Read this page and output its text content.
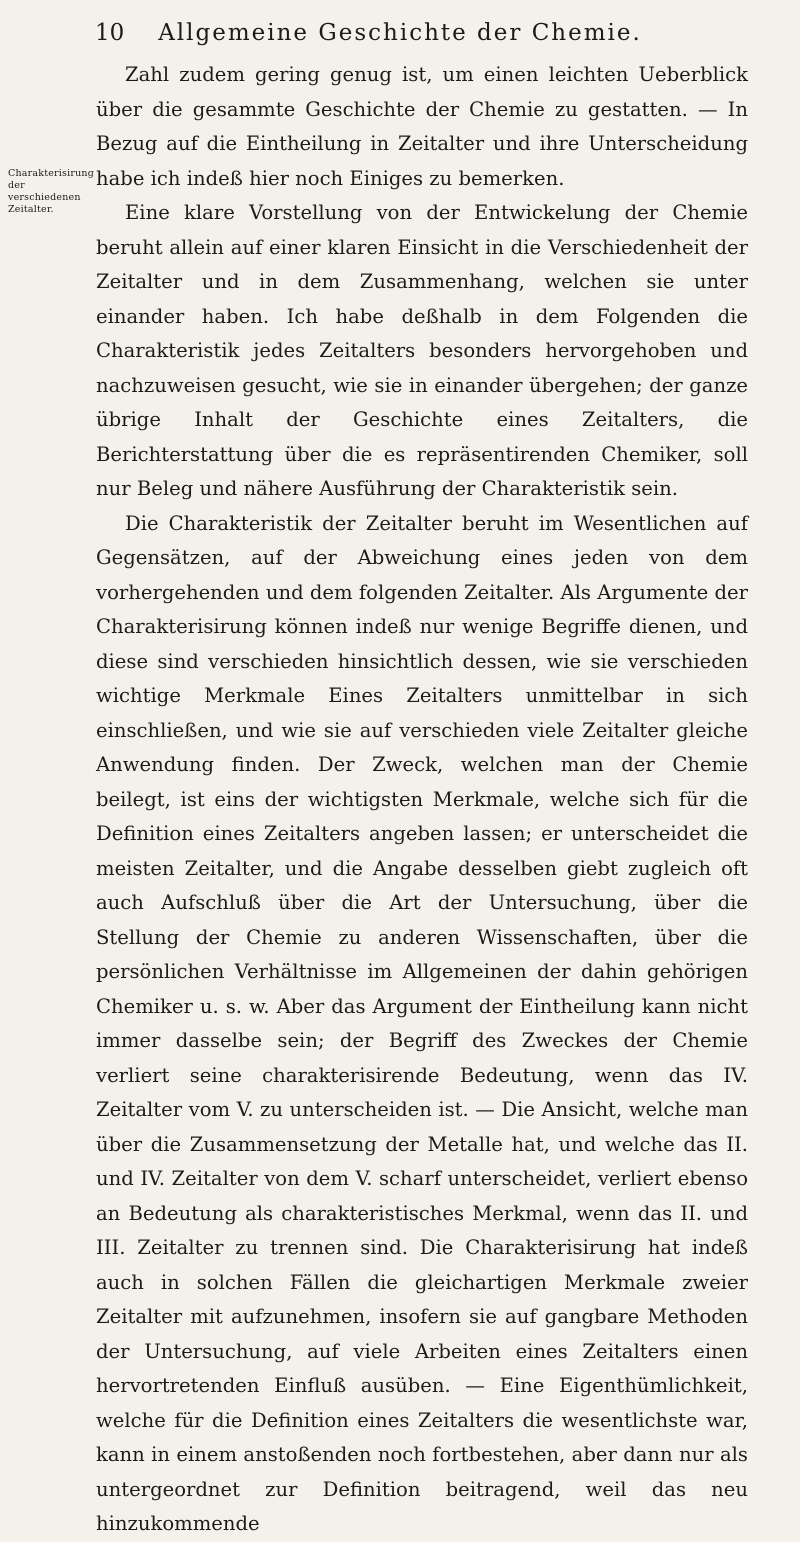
10	Allgemeine Geschichte der Chemie.
Charakterisirung der verschiedenen Zeitalter.

Zahl zudem gering genug ist, um einen leichten Ueberblick über die gesammte Geschichte der Chemie zu gestatten. — In Bezug auf die Eintheilung in Zeitalter und ihre Unterscheidung habe ich indeß hier noch Einiges zu bemerken.

Eine klare Vorstellung von der Entwickelung der Chemie beruht allein auf einer klaren Einsicht in die Verschiedenheit der Zeitalter und in dem Zusammenhang, welchen sie unter einander haben. Ich habe deßhalb in dem Folgenden die Charakteristik jedes Zeitalters besonders hervorgehoben und nachzuweisen gesucht, wie sie in einander übergehen; der ganze übrige Inhalt der Geschichte eines Zeitalters, die Berichterstattung über die es repräsentirenden Chemiker, soll nur Beleg und nähere Ausführung der Charakteristik sein.

Die Charakteristik der Zeitalter beruht im Wesentlichen auf Gegensätzen, auf der Abweichung eines jeden von dem vorhergehenden und dem folgenden Zeitalter. Als Argumente der Charakterisirung können indeß nur wenige Begriffe dienen, und diese sind verschieden hinsichtlich dessen, wie sie verschieden wichtige Merkmale Eines Zeitalters unmittelbar in sich einschließen, und wie sie auf verschieden viele Zeitalter gleiche Anwendung finden. Der Zweck, welchen man der Chemie beilegt, ist eins der wichtigsten Merkmale, welche sich für die Definition eines Zeitalters angeben lassen; er unterscheidet die meisten Zeitalter, und die Angabe desselben giebt zugleich oft auch Aufschluß über die Art der Untersuchung, über die Stellung der Chemie zu anderen Wissenschaften, über die persönlichen Verhältnisse im Allgemeinen der dahin gehörigen Chemiker u. s. w. Aber das Argument der Eintheilung kann nicht immer dasselbe sein; der Begriff des Zweckes der Chemie verliert seine charakterisirende Bedeutung, wenn das IV. Zeitalter vom V. zu unterscheiden ist. — Die Ansicht, welche man über die Zusammensetzung der Metalle hat, und welche das II. und IV. Zeitalter von dem V. scharf unterscheidet, verliert ebenso an Bedeutung als charakteristisches Merkmal, wenn das II. und III. Zeitalter zu trennen sind. Die Charakterisirung hat indeß auch in solchen Fällen die gleichartigen Merkmale zweier Zeitalter mit aufzunehmen, insofern sie auf gangbare Methoden der Untersuchung, auf viele Arbeiten eines Zeitalters einen hervortretenden Einfluß ausüben. — Eine Eigenthümlichkeit, welche für die Definition eines Zeitalters die wesentlichste war, kann in einem anstoßenden noch fortbestehen, aber dann nur als untergeordnet zur Definition beitragend, weil das neu hinzukommende
